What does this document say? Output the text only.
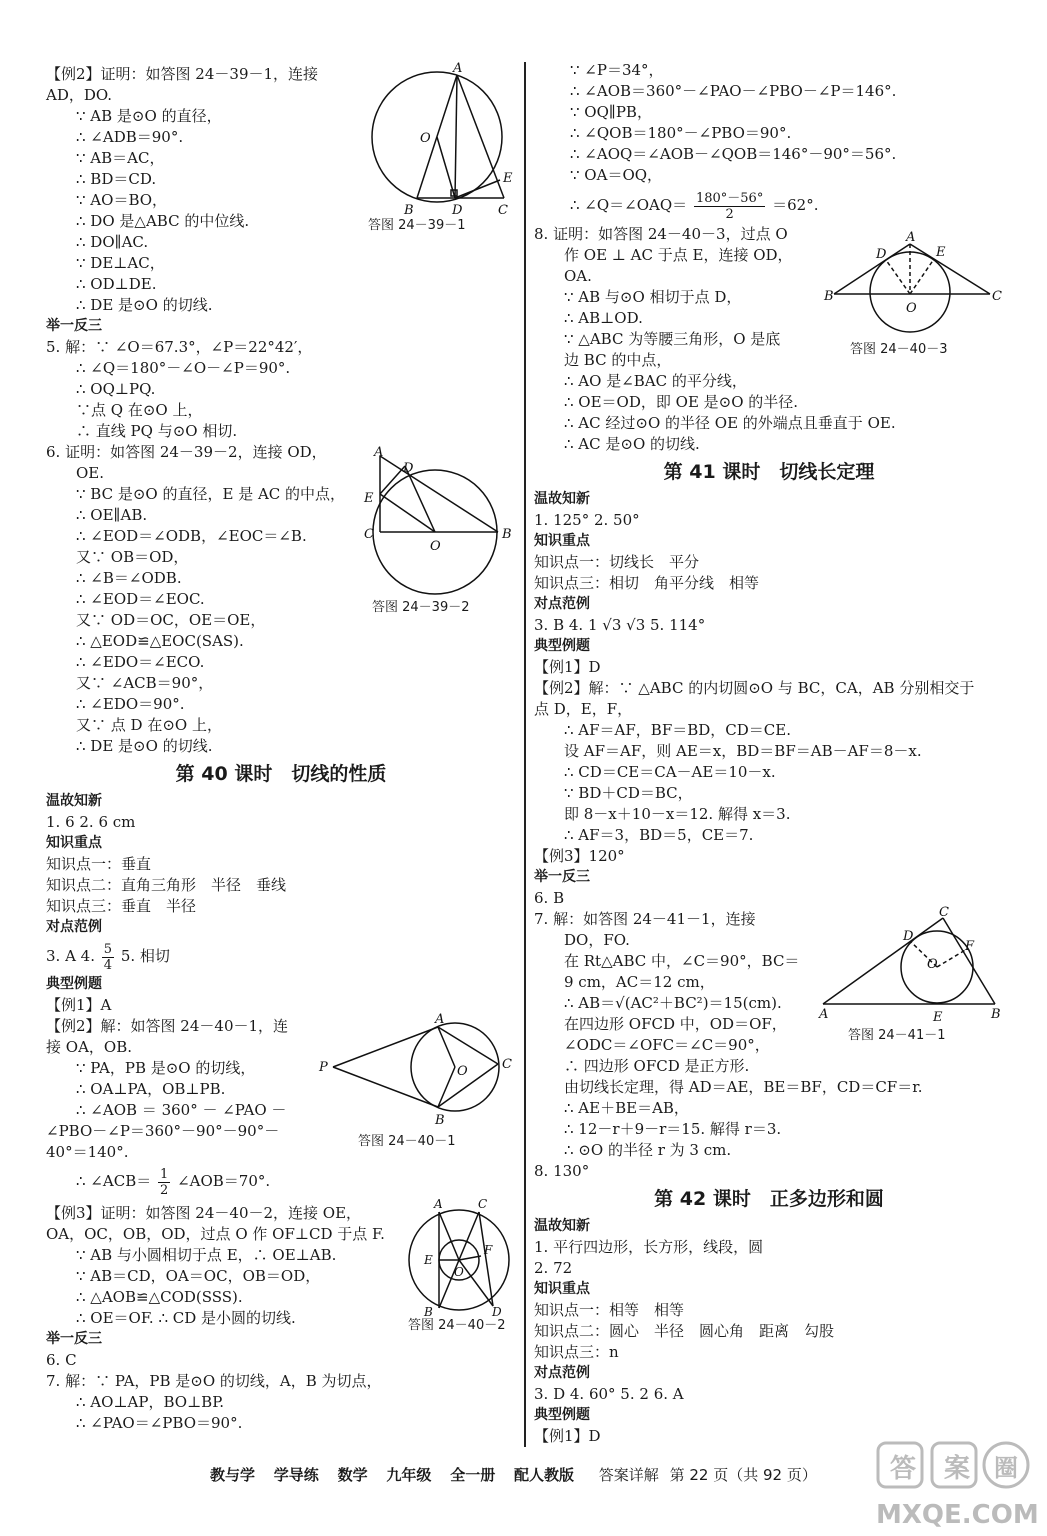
【例2】证明：如答图 24－39－1，连接
AD，DO.
∵ AB 是⊙O 的直径，
∴ ∠ADB＝90°.
∵ AB＝AC，
∴ BD＝CD.
∵ AO＝BO，
∴ DO 是△ABC 的中位线.
∴ DO∥AC.
∵ DE⊥AC，
∴ OD⊥DE.
∴ DE 是⊙O 的切线.
举一反三
5. 解：∵ ∠O＝67.3°，∠P＝22°42′，
∴ ∠Q＝180°－∠O－∠P＝90°.
∴ OQ⊥PQ.
∵点 Q 在⊙O 上，
∴ 直线 PQ 与⊙O 相切.
6. 证明：如答图 24－39－2，连接 OD，
OE.
∵ BC 是⊙O 的直径，E 是 AC 的中点，
∴ OE∥AB.
∴ ∠EOD＝∠ODB，∠EOC＝∠B.
又∵ OB＝OD，
∴ ∠B＝∠ODB.
∴ ∠EOD＝∠EOC.
又∵ OD＝OC，OE＝OE，
∴ △EOD≌△EOC(SAS).
∴ ∠EDO＝∠ECO.
又∵ ∠ACB＝90°，
∴ ∠EDO＝90°.
又∵ 点 D 在⊙O 上，
∴ DE 是⊙O 的切线.
第 40 课时　切线的性质
温故知新
1. 6 2. 6 cm
知识重点
知识点一：垂直
知识点二：直角三角形　半径　垂线
知识点三：垂直　半径
对点范例
3. A 4. $\frac{5}{4} 5$. 相切
典型例题
【例1】A
【例2】解：如答图 24－40－1，连
接 OA，OB.
∵ PA，PB 是⊙O 的切线，
∴ OA⊥PA，OB⊥PB.
∴ ∠AOB ＝ 360° － ∠PAO －
∠PBO－∠P＝360°－90°－90°－
40°＝140°.
∴ ∠ACB＝ $\frac{1}{2}$ ∠AOB＝70°.
【例3】证明：如答图 24－40－2，连接 OE，
OA，OC，OB，OD，过点 O 作 OF⊥CD 于点 F.
∵ AB 与小圆相切于点 E，∴ OE⊥AB.
∵ AB＝CD，OA＝OC，OB＝OD，
∴ △AOB≌△COD(SSS).
∴ OE＝OF. ∴ CD 是小圆的切线.
举一反三
6. C
7. 解：∵ PA，PB 是⊙O 的切线，A，B 为切点，
∴ AO⊥AP，BO⊥BP.
∴ ∠PAO＝∠PBO＝90°.
∵ ∠P＝34°，
∴ ∠AOB＝360°－∠PAO－∠PBO－∠P＝146°.
∵ OQ∥PB，
∴ ∠QOB＝180°－∠PBO＝90°.
∴ ∠AOQ＝∠AOB－∠QOB＝146°－90°＝56°.
∵ OA＝OQ，
∴ ∠Q＝∠OAQ＝ $\frac{180^\circ-56^\circ}{2} =62^\circ$.
8. 证明：如答图 24－40－3，过点 O
作 OE ⊥ AC 于点 E，连接 OD，
OA.
∵ AB 与⊙O 相切于点 D，
∴ AB⊥OD.
∵ △ABC 为等腰三角形，O 是底
边 BC 的中点，
∴ AO 是∠BAC 的平分线，
∴ OE＝OD，即 OE 是⊙O 的半径.
∴ AC 经过⊙O 的半径 OE 的外端点且垂直于 OE.
∴ AC 是⊙O 的切线.
第 41 课时　切线长定理
温故知新
1. 125° 2. 50°
知识重点
知识点一：切线长　平分
知识点三：相切　角平分线　相等
对点范例
3. B 4. 1 √3 √3 5. 114°
典型例题
【例1】D
【例2】解：∵ △ABC 的内切圆⊙O 与 BC，CA，AB 分别相交于
点 D，E，F，
∴ AF＝AF，BF＝BD，CD＝CE.
设 AF＝AF，则 AE＝x，BD＝BF＝AB－AF＝8－x.
∴ CD＝CE＝CA－AE＝10－x.
∵ BD＋CD＝BC，
即 8－x＋10－x＝12. 解得 x＝3.
∴ AF＝3，BD＝5，CE＝7.
【例3】120°
举一反三
6. B
7. 解：如答图 24－41－1，连接
DO，FO.
在 Rt△ABC 中，∠C＝90°，BC＝
9 cm，AC＝12 cm，
∴ AB＝√(AC²＋BC²)＝15(cm).
在四边形 OFCD 中，OD＝OF，
∠ODC＝∠OFC＝∠C＝90°，
∴ 四边形 OFCD 是正方形.
由切线长定理，得 AD＝AE，BE＝BF，CD＝CF＝r.
∴ AE＋BE＝AB，
∴ 12－r＋9－r＝15. 解得 r＝3.
∴ ⊙O 的半径 r 为 3 cm.
8. 130°
第 42 课时　正多边形和圆
温故知新
1. 平行四边形，长方形，线段，圆
2. 72
知识重点
知识点一：相等　相等
知识点二：圆心　半径　圆心角　距离　勾股
知识点三：n
对点范例
3. D 4. 60° 5. 2 6. A
典型例题
【例1】D
A
O
B	D
E
C
答图 24－39－1
A
D
E
C
O
B
答图 24－39－2
A
P	O	C
B
答图 24－40－1
A	C
E
F
O
B	D
答图 24－40－2
A
D	E
B
O
C
答图 24－40－3
C
D
F
O
E
A	B
答图 24－41－1
教与学 学导练 数学 九年级 全一册 配人教版 答案详解 第 22 页（共 92 页）	答 案 圈
MXQE.COM
